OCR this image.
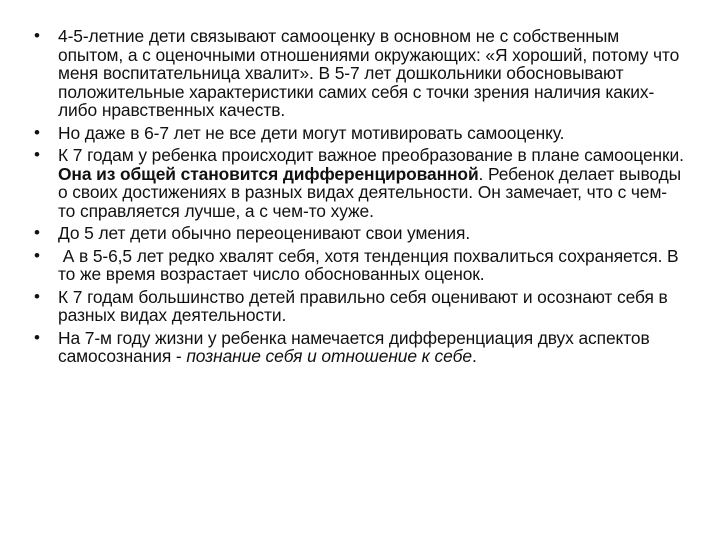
•	4-5-летние дети связывают самооценку в основном не с собственным опытом, а с оценочными отношениями окружающих: «Я хороший, потому что меня воспитательница хвалит». В 5-7 лет дошкольники обосновывают положительные характеристики самих себя с точки зрения наличия каких-либо нравственных качеств.
•	Но даже в 6-7 лет не все дети могут мотивировать самооценку.
•	К 7 годам у ребенка происходит важное преобразование в плане самооценки. Она из общей становится дифференцированной. Ребенок делает выводы о своих достижениях в разных видах деятельности. Он замечает, что с чем-то справляется лучше, а с чем-то хуже.
•	До 5 лет дети обычно переоценивают свои умения.
•	А в 5-6,5 лет редко хвалят себя, хотя тенденция похвалиться сохраняется. В то же время возрастает число обоснованных оценок.
•	К 7 годам большинство детей правильно себя оценивают и осознают себя в разных видах деятельности.
•	На 7-м году жизни у ребенка намечается дифференциация двух аспектов самосознания - познание себя и отношение к себе.
